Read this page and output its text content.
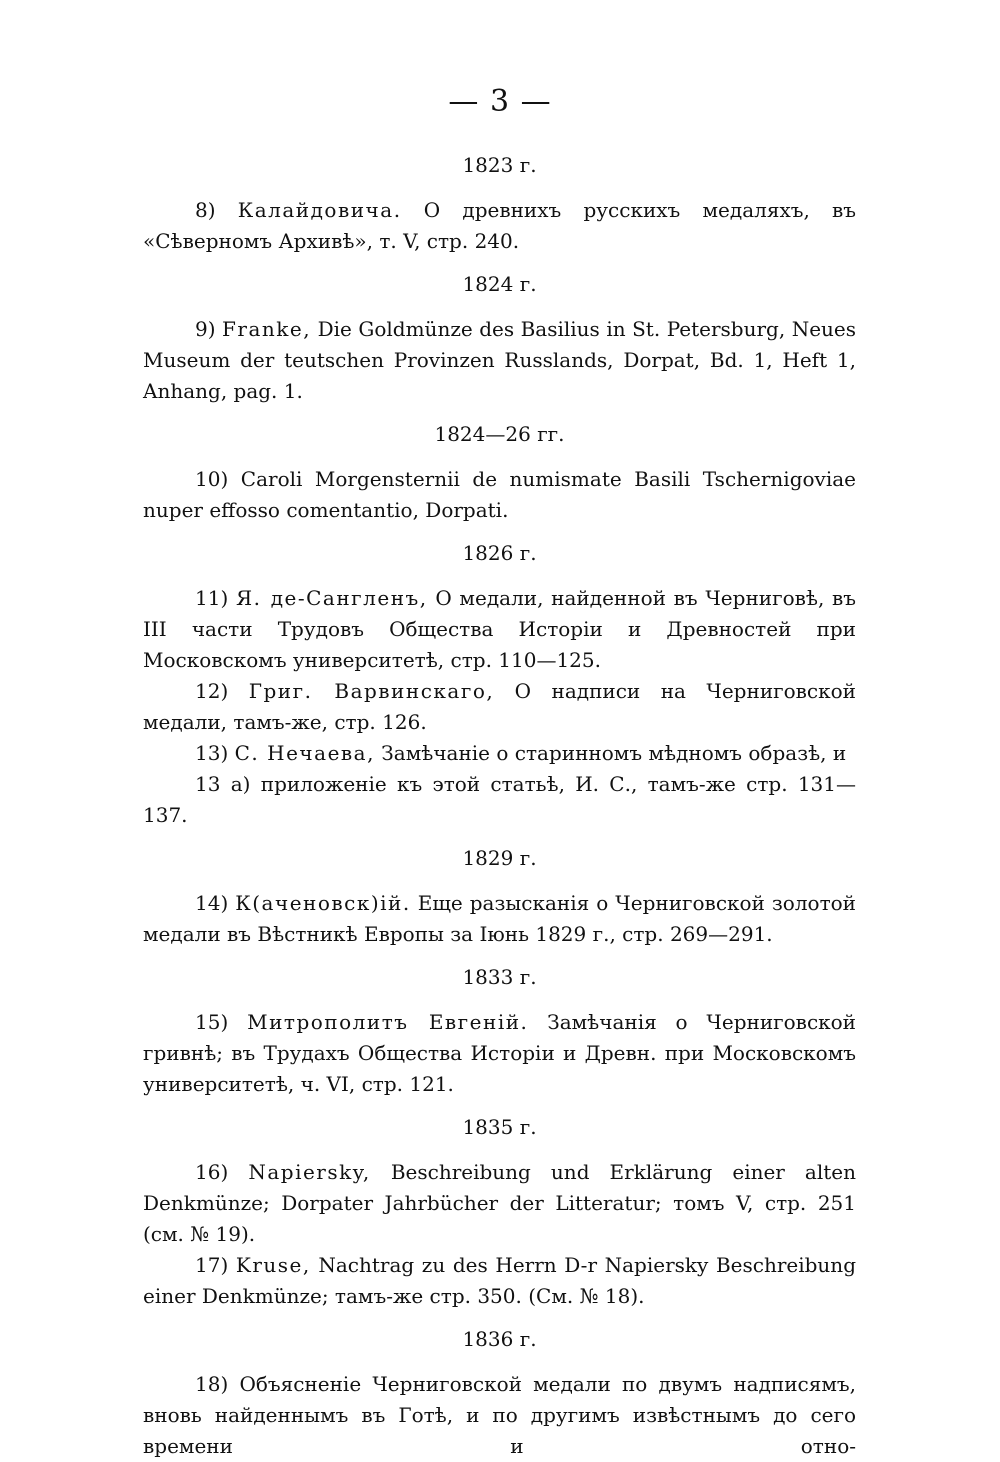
— 3 —
1823 г.

8) Калайдовича. О древнихъ русскихъ медаляхъ, въ «Сѣверномъ Архивѣ», т. V, стр. 240.

1824 г.

9) Franke, Die Goldmünze des Basilius in St. Petersburg, Neues Museum der teutschen Provinzen Russlands, Dorpat, Bd. 1, Heft 1, Anhang, pag. 1.

1824—26 гг.

10) Caroli Morgensternii de numismate Basili Tschernigoviae nuper effosso comentantio, Dorpati.

1826 г.

11) Я. де-Сангленъ, О медали, найденной въ Черниговѣ, въ III части Трудовъ Общества Исторіи и Древностей при Московскомъ университетѣ, стр. 110—125.

12) Григ. Варвинскаго, О надписи на Черниговской медали, тамъ-же, стр. 126.

13) С. Нечаева, Замѣчаніе о старинномъ мѣдномъ образѣ, и

13 а) приложеніе къ этой статьѣ, И. С., тамъ-же стр. 131—137.

1829 г.

14) К(аченовск)ій. Еще разысканія о Черниговской золотой медали въ Вѣстникѣ Европы за Іюнь 1829 г., стр. 269—291.

1833 г.

15) Митрополитъ Евгеній. Замѣчанія о Черниговской гривнѣ; въ Трудахъ Общества Исторіи и Древн. при Московскомъ университетѣ, ч. VI, стр. 121.

1835 г.

16) Napiersky, Beschreibung und Erklärung einer alten Denkmünze; Dorpater Jahrbücher der Litteratur; томъ V, стр. 251 (см. № 19).

17) Kruse, Nachtrag zu des Herrn D-r Napiersky Beschreibung einer Denkmünze; тамъ-же стр. 350. (См. № 18).

1836 г.

18) Объясненіе Черниговской медали по двумъ надписямъ, вновь найденнымъ въ Готѣ, и по другимъ извѣстнымъ до сего времени и отно-
